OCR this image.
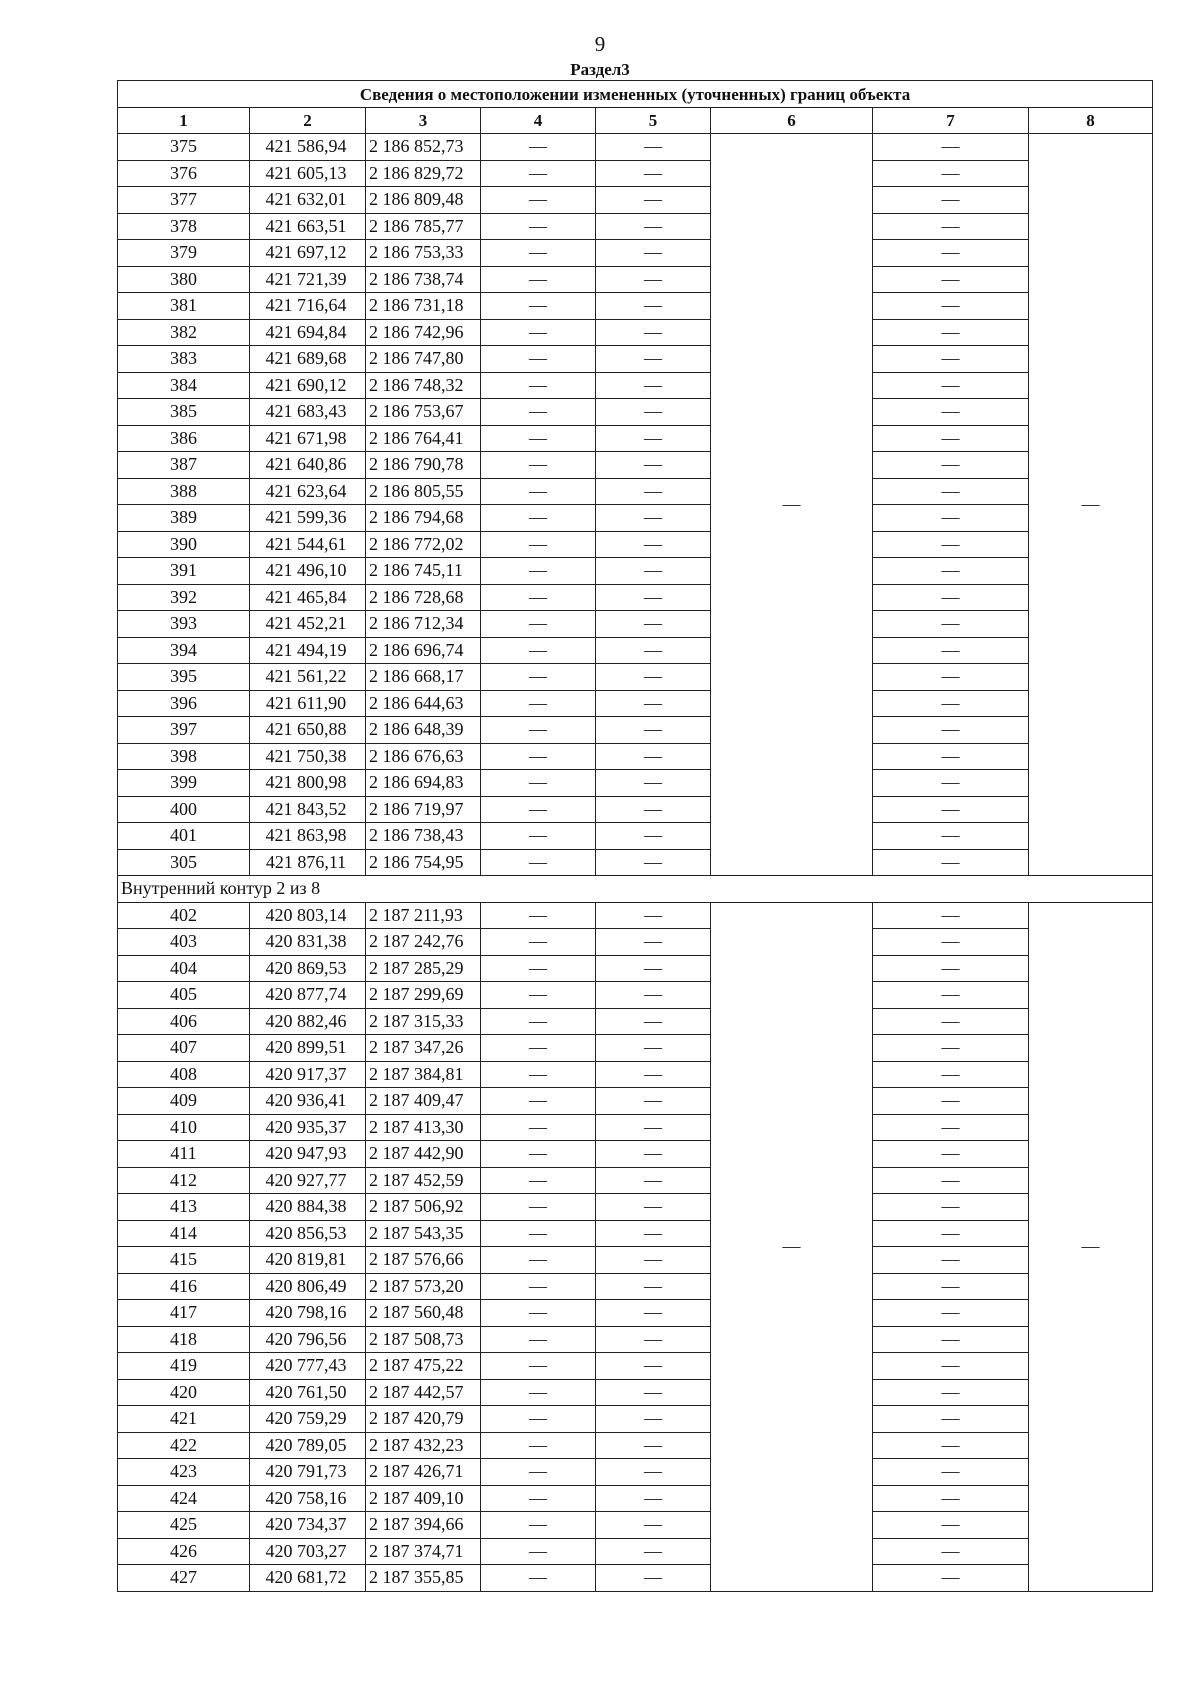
9
Раздел3
Сведения о местоположении измененных (уточненных) границ объекта							
1	2	3	4	5	6	7	8
375	421 586,94	2 186 852,73	—	—	—	—	—
376	421 605,13	2 186 829,72	—	—		—	
377	421 632,01	2 186 809,48	—	—		—	
378	421 663,51	2 186 785,77	—	—		—	
379	421 697,12	2 186 753,33	—	—		—	
380	421 721,39	2 186 738,74	—	—		—	
381	421 716,64	2 186 731,18	—	—		—	
382	421 694,84	2 186 742,96	—	—		—	
383	421 689,68	2 186 747,80	—	—		—	
384	421 690,12	2 186 748,32	—	—		—	
385	421 683,43	2 186 753,67	—	—		—	
386	421 671,98	2 186 764,41	—	—		—	
387	421 640,86	2 186 790,78	—	—		—	
388	421 623,64	2 186 805,55	—	—		—	
389	421 599,36	2 186 794,68	—	—		—	
390	421 544,61	2 186 772,02	—	—		—	
391	421 496,10	2 186 745,11	—	—		—	
392	421 465,84	2 186 728,68	—	—		—	
393	421 452,21	2 186 712,34	—	—		—	
394	421 494,19	2 186 696,74	—	—		—	
395	421 561,22	2 186 668,17	—	—		—	
396	421 611,90	2 186 644,63	—	—		—	
397	421 650,88	2 186 648,39	—	—		—	
398	421 750,38	2 186 676,63	—	—		—	
399	421 800,98	2 186 694,83	—	—		—	
400	421 843,52	2 186 719,97	—	—		—	
401	421 863,98	2 186 738,43	—	—		—	
305	421 876,11	2 186 754,95	—	—		—	
Внутренний контур 2 из 8							
402	420 803,14	2 187 211,93	—	—	—	—	—
403	420 831,38	2 187 242,76	—	—		—	
404	420 869,53	2 187 285,29	—	—		—	
405	420 877,74	2 187 299,69	—	—		—	
406	420 882,46	2 187 315,33	—	—		—	
407	420 899,51	2 187 347,26	—	—		—	
408	420 917,37	2 187 384,81	—	—		—	
409	420 936,41	2 187 409,47	—	—		—	
410	420 935,37	2 187 413,30	—	—		—	
411	420 947,93	2 187 442,90	—	—		—	
412	420 927,77	2 187 452,59	—	—		—	
413	420 884,38	2 187 506,92	—	—		—	
414	420 856,53	2 187 543,35	—	—		—	
415	420 819,81	2 187 576,66	—	—		—	
416	420 806,49	2 187 573,20	—	—		—	
417	420 798,16	2 187 560,48	—	—		—	
418	420 796,56	2 187 508,73	—	—		—	
419	420 777,43	2 187 475,22	—	—		—	
420	420 761,50	2 187 442,57	—	—		—	
421	420 759,29	2 187 420,79	—	—		—	
422	420 789,05	2 187 432,23	—	—		—	
423	420 791,73	2 187 426,71	—	—		—	
424	420 758,16	2 187 409,10	—	—		—	
425	420 734,37	2 187 394,66	—	—		—	
426	420 703,27	2 187 374,71	—	—		—	
427	420 681,72	2 187 355,85	—	—		—	
